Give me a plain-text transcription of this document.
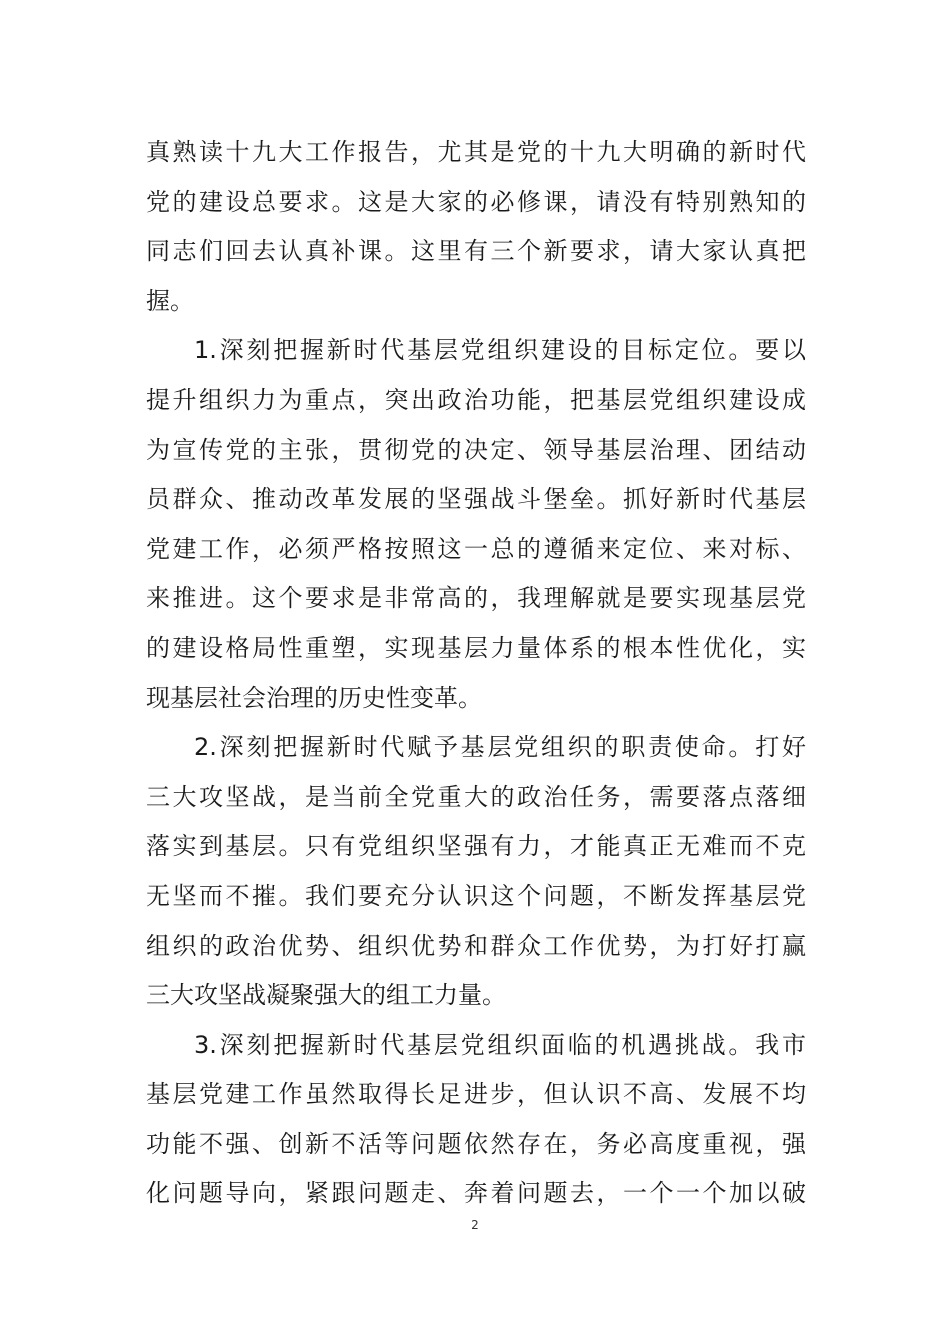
真熟读十九大工作报告，尤其是党的十九大明确的新时代
党的建设总要求。这是大家的必修课，请没有特别熟知的
同志们回去认真补课。这里有三个新要求，请大家认真把
握。
1.深刻把握新时代基层党组织建设的目标定位。要以
提升组织力为重点，突出政治功能，把基层党组织建设成
为宣传党的主张，贯彻党的决定、领导基层治理、团结动
员群众、推动改革发展的坚强战斗堡垒。抓好新时代基层
党建工作，必须严格按照这一总的遵循来定位、来对标、
来推进。这个要求是非常高的，我理解就是要实现基层党
的建设格局性重塑，实现基层力量体系的根本性优化，实
现基层社会治理的历史性变革。
2.深刻把握新时代赋予基层党组织的职责使命。打好
三大攻坚战，是当前全党重大的政治任务，需要落点落细
落实到基层。只有党组织坚强有力，才能真正无难而不克
无坚而不摧。我们要充分认识这个问题，不断发挥基层党
组织的政治优势、组织优势和群众工作优势，为打好打赢
三大攻坚战凝聚强大的组工力量。
3.深刻把握新时代基层党组织面临的机遇挑战。我市
基层党建工作虽然取得长足进步，但认识不高、发展不均
功能不强、创新不活等问题依然存在，务必高度重视，强
化问题导向，紧跟问题走、奔着问题去，一个一个加以破
2
